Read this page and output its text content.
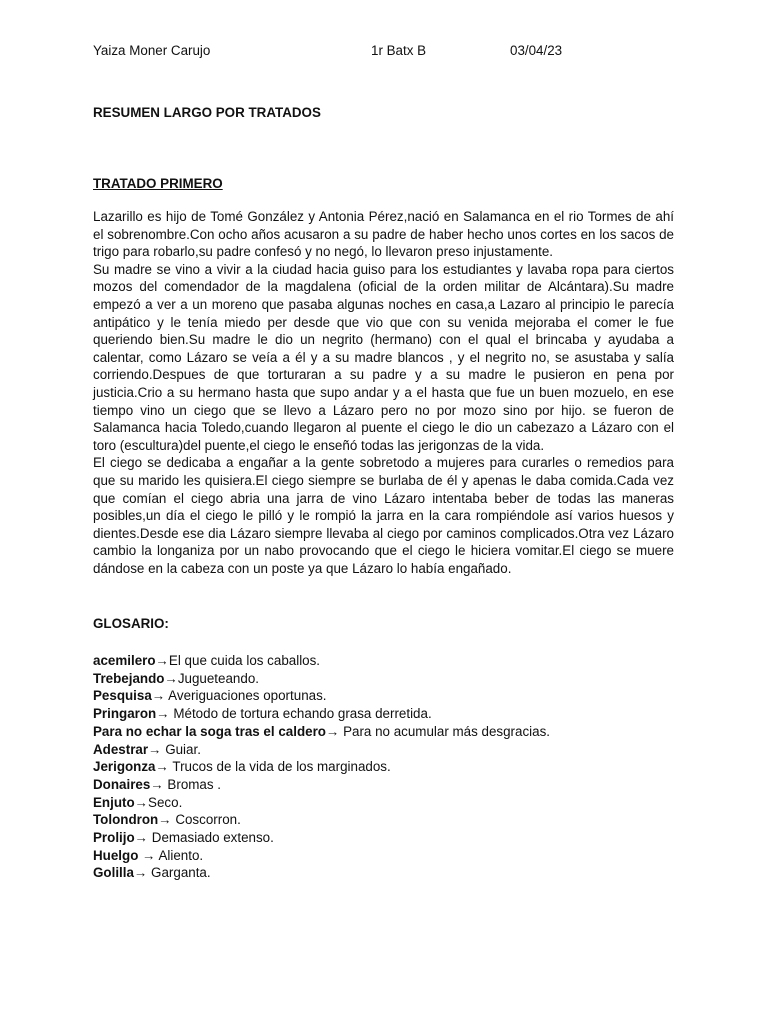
Yaiza Moner Carujo	1r Batx B	03/04/23
RESUMEN LARGO POR TRATADOS
TRATADO PRIMERO

Lazarillo es hijo de Tomé González y Antonia Pérez,nació en Salamanca en el rio Tormes de ahí el sobrenombre.Con ocho años acusaron a su padre de haber hecho unos cortes en los sacos de trigo para robarlo,su padre confesó y no negó, lo llevaron preso injustamente.

Su madre se vino a vivir a la ciudad hacia guiso para los estudiantes y lavaba ropa para ciertos mozos del comendador de la magdalena (oficial de la orden militar de Alcántara).Su madre empezó a ver a un moreno que pasaba algunas noches en casa,a Lazaro al principio le parecía antipático y le tenía miedo per desde que vio que con su venida mejoraba el comer le fue queriendo bien.Su madre le dio un negrito (hermano) con el qual el brincaba y ayudaba a calentar, como Lázaro se veía a él y a su madre blancos , y el negrito no, se asustaba y salía corriendo.Despues de que torturaran a su padre y a su madre le pusieron en pena por justicia.Crio a su hermano hasta que supo andar y a el hasta que fue un buen mozuelo, en ese tiempo vino un ciego que se llevo a Lázaro pero no por mozo sino por hijo. se fueron de Salamanca hacia Toledo,cuando llegaron al puente el ciego le dio un cabezazo a Lázaro con el toro (escultura)del puente,el ciego le enseñó todas las jerigonzas de la vida.

El ciego se dedicaba a engañar a la gente sobretodo a mujeres para curarles o remedios para que su marido les quisiera.El ciego siempre se burlaba de él y apenas le daba comida.Cada vez que comían el ciego abria una jarra de vino Lázaro intentaba beber de todas las maneras posibles,un día el ciego le pilló y le rompió la jarra en la cara rompiéndole así varios huesos y dientes.Desde ese dia Lázaro siempre llevaba al ciego por caminos complicados.Otra vez Lázaro cambio la longaniza por un nabo provocando que el ciego le hiciera vomitar.El ciego se muere dándose en la cabeza con un poste ya que Lázaro lo había engañado.

GLOSARIO:
acemilero→El que cuida los caballos.
Trebejando→Jugueteando.
Pesquisa→ Averiguaciones oportunas.
Pringaron→ Método de tortura echando grasa derretida.
Para no echar la soga tras el caldero→ Para no acumular más desgracias.
Adestrar→ Guiar.
Jerigonza→ Trucos de la vida de los marginados.
Donaires→ Bromas .
Enjuto→Seco.
Tolondron→ Coscorron.
Prolijo→ Demasiado extenso.
Huelgo → Aliento.
Golilla→ Garganta.
